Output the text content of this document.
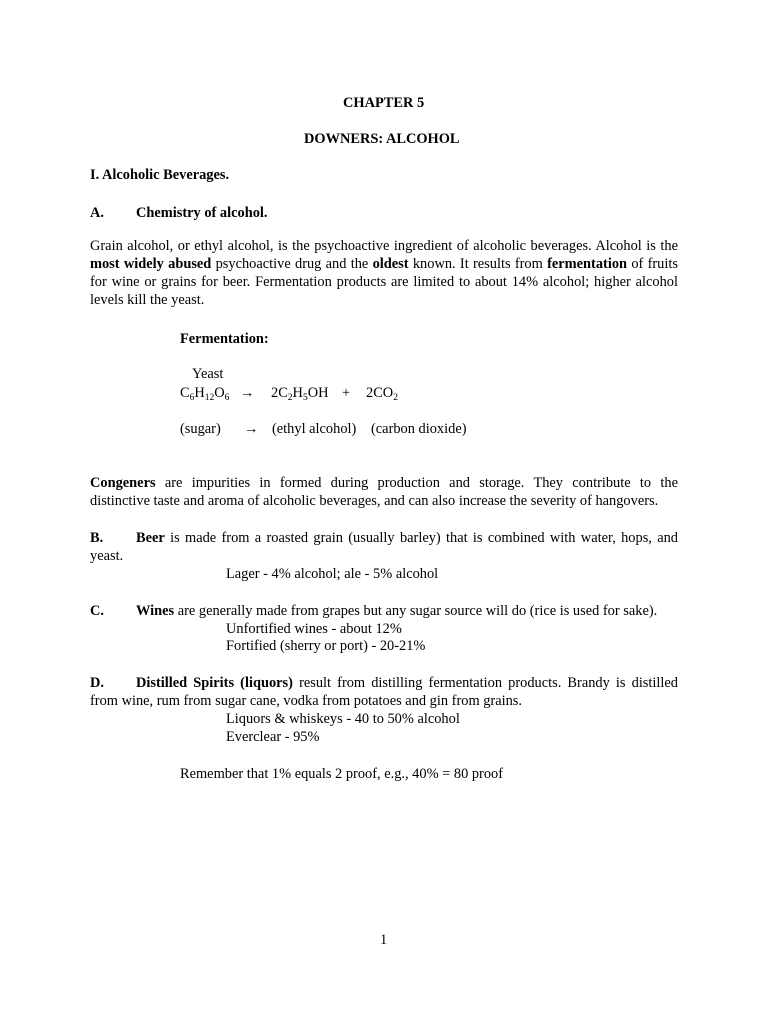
CHAPTER 5
DOWNERS: ALCOHOL
I. Alcoholic Beverages.
A. Chemistry of alcohol.
Grain alcohol, or ethyl alcohol, is the psychoactive ingredient of alcoholic beverages. Alcohol is the
most widely abused psychoactive drug and the oldest known. It results from fermentation of fruits
for wine or grains for beer. Fermentation products are limited to about 14% alcohol; higher alcohol
levels kill the yeast.
Fermentation:
Yeast
$C_6H_{12}O_6 \to 2C_2H_5OH + 2CO_2$
(sugar) → (ethyl alcohol) (carbon dioxide)
Congeners are impurities in formed during production and storage. They contribute to the
distinctive taste and aroma of alcoholic beverages, and can also increase the severity of hangovers.
B. Beer is made from a roasted grain (usually barley) that is combined with water, hops, and
yeast.
Lager - 4% alcohol; ale - 5% alcohol
C. Wines are generally made from grapes but any sugar source will do (rice is used for sake).
Unfortified wines - about 12%
Fortified (sherry or port) - 20-21%
D. Distilled Spirits (liquors) result from distilling fermentation products. Brandy is distilled
from wine, rum from sugar cane, vodka from potatoes and gin from grains.
Liquors & whiskeys - 40 to 50% alcohol
Everclear - 95%
Remember that 1% equals 2 proof, e.g., 40% = 80 proof
1
